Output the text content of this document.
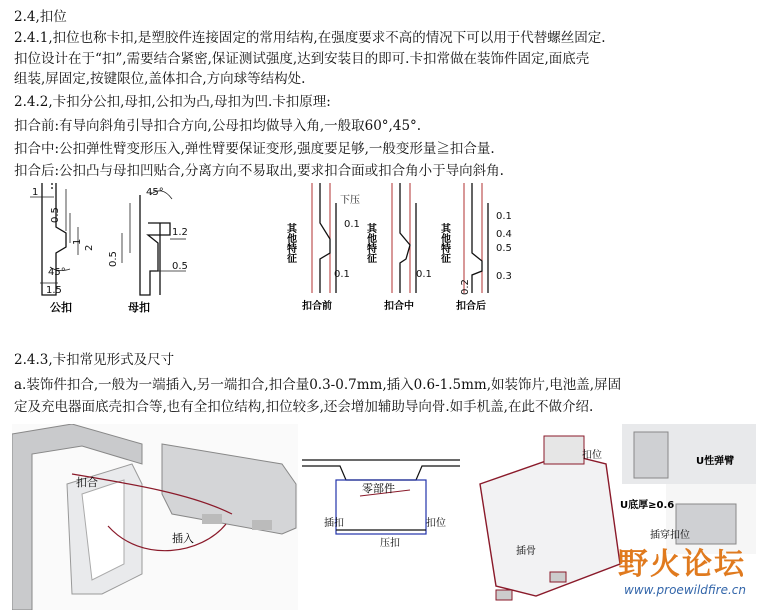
2.4,扣位
2.4.1,扣位也称卡扣,是塑胶件连接固定的常用结构,在强度要求不高的情况下可以用于代替螺丝固定.
扣位设计在于“扣”,需要结合紧密,保证测试强度,达到安装目的即可.卡扣常做在装饰件固定,面底壳
组装,屏固定,按键限位,盖体扣合,方向球等结构处.
2.4.2,卡扣分公扣,母扣,公扣为凸,母扣为凹.卡扣原理:
扣合前:有导向斜角引导扣合方向,公母扣均做导入角,一般取60°,45°.
扣合中:公扣弹性臂变形压入,弹性臂要保证变形,强度要足够,一般变形量≧扣合量.
扣合后:公扣凸与母扣凹贴合,分离方向不易取出,要求扣合面或扣合角小于导向斜角.
1
0.5
1
2
45°
1.5
45°
0.5
1.2
0.5
公扣	母扣
下压
0.1
0.1	0.1
0.1
0.4
0.5
0.3
0.2
其他特征	其他特征	其他特征
扣合前	扣合中	扣合后
2.4.3,卡扣常见形式及尺寸
a.装饰件扣合,一般为一端插入,另一端扣合,扣合量0.3-0.7mm,插入0.6-1.5mm,如装饰片,电池盖,屏固
定及充电器面底壳扣合等,也有全扣位结构,扣位较多,还会增加辅助导向骨.如手机盖,在此不做介绍.
扣合
插入
零部件
插扣	扣位
压扣
扣位
插骨
U性弹臂
U底厚≥0.6
插穿扣位
野火论坛
www.proewildfire.cn
